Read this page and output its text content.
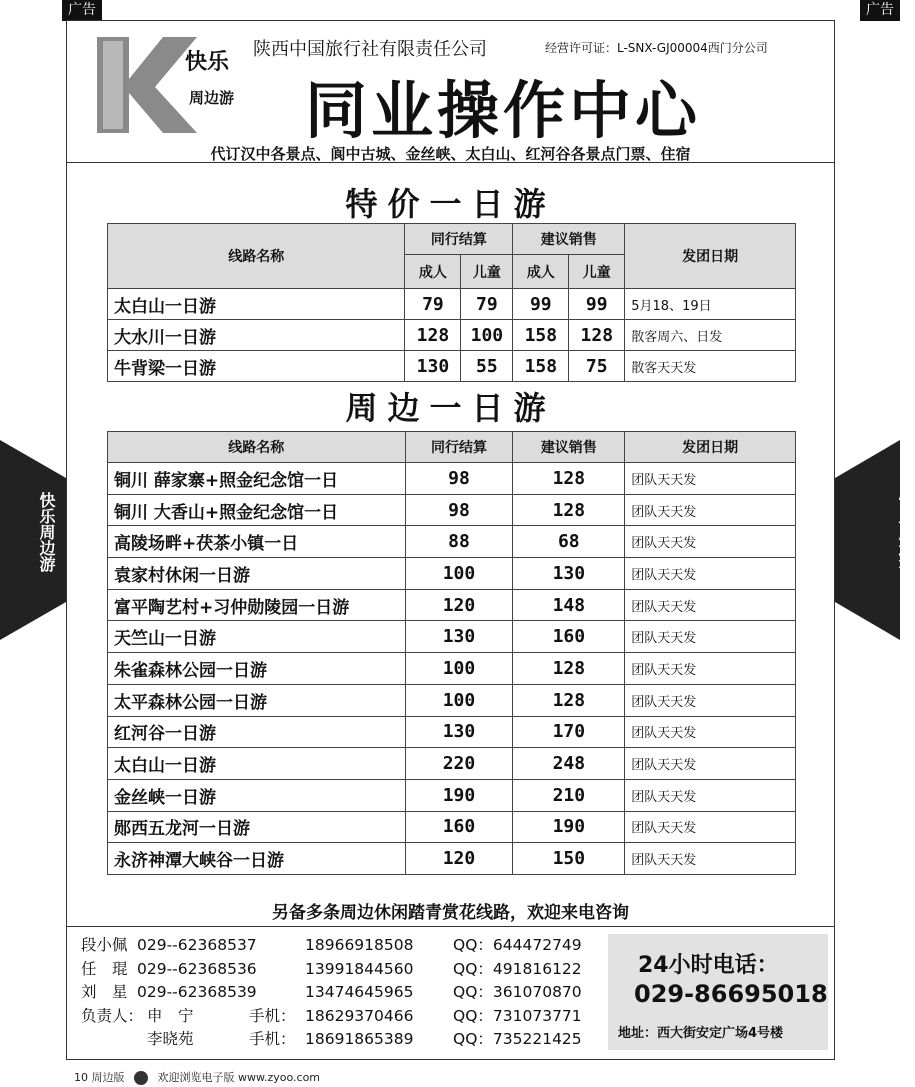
广告	广告
快乐周边游	快乐周边游
快乐
周边游
陕西中国旅行社有限责任公司	经营许可证：L-SNX-GJ00004西门分公司
同业操作中心
代订汉中各景点、阆中古城、金丝峡、太白山、红河谷各景点门票、住宿
特价一日游
线路名称	同行结算		建议销售		发团日期
	成人	儿童	成人	儿童	
太白山一日游	79	79	99	99	5月18、19日
大水川一日游	128	100	158	128	散客周六、日发
牛背梁一日游	130	55	158	75	散客天天发
周边一日游
线路名称	同行结算	建议销售	发团日期
铜川 薛家寨+照金纪念馆一日	98	128	团队天天发
铜川 大香山+照金纪念馆一日	98	128	团队天天发
高陵场畔+茯茶小镇一日	88	68	团队天天发
袁家村休闲一日游	100	130	团队天天发
富平陶艺村+习仲勋陵园一日游	120	148	团队天天发
天竺山一日游	130	160	团队天天发
朱雀森林公园一日游	100	128	团队天天发
太平森林公园一日游	100	128	团队天天发
红河谷一日游	130	170	团队天天发
太白山一日游	220	248	团队天天发
金丝峡一日游	190	210	团队天天发
郧西五龙河一日游	160	190	团队天天发
永济神潭大峡谷一日游	120	150	团队天天发
另备多条周边休闲踏青赏花线路，欢迎来电咨询
段小佩 029--62368537	18966918508	QQ：644472749
任　琨 029--62368536	13991844560	QQ：491816122
刘　星 029--62368539	13474645965	QQ：361070870
负责人： 申　宁	手机： 18629370466	QQ：731073771
李晓苑	手机： 18691865389	QQ：735221425
24小时电话：
029-86695018
地址：西大街安定广场4号楼
10 周边版	欢迎浏览电子版 www.zyoo.com
